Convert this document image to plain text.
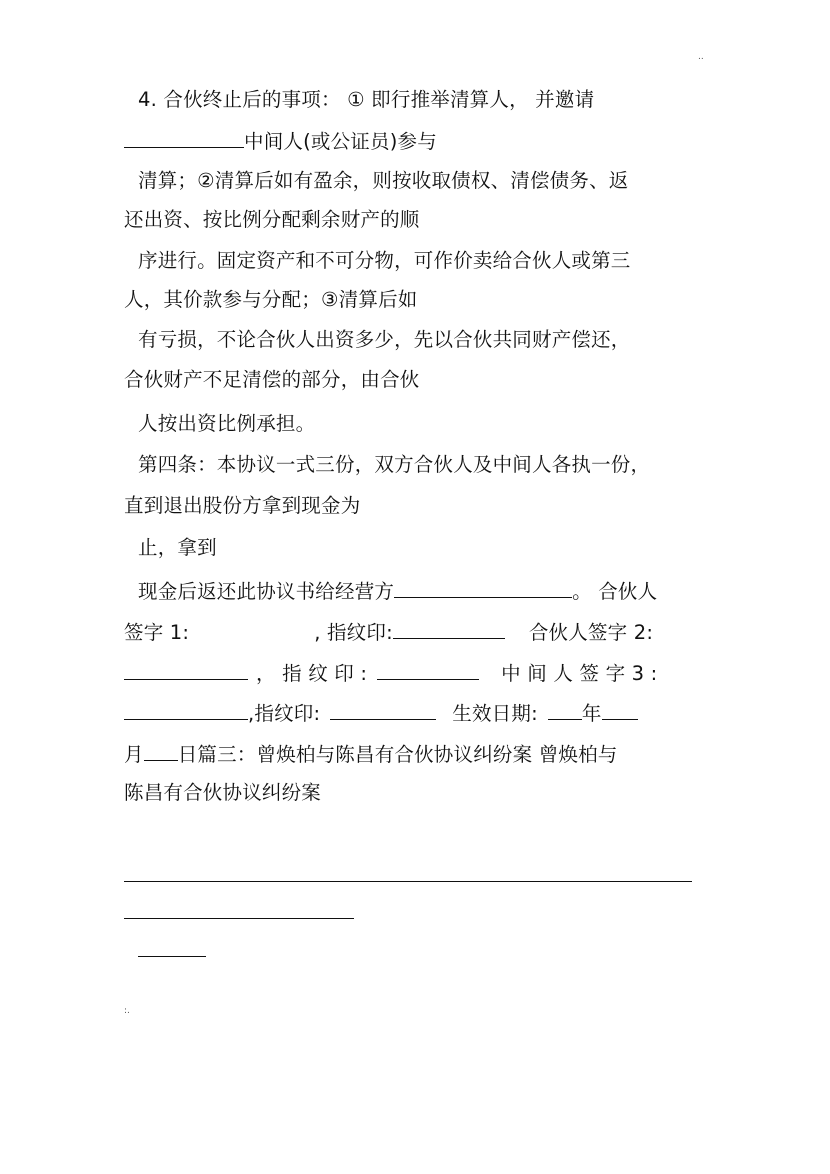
..
4. 合伙终止后的事项： ① 即行推举清算人， 并邀请
中间人(或公证员)参与
清算；②清算后如有盈余，则按收取债权、清偿债务、返
还出资、按比例分配剩余财产的顺
序进行。固定资产和不可分物，可作价卖给合伙人或第三
人，其价款参与分配；③清算后如
有亏损，不论合伙人出资多少，先以合伙共同财产偿还，
合伙财产不足清偿的部分，由合伙
人按出资比例承担。
第四条：本协议一式三份，双方合伙人及中间人各执一份，
直到退出股份方拿到现金为
止，拿到
现金后返还此协议书给经营方	。 合伙人
签字 1:	, 指纹印:	合伙人签字 2:
， 指 纹 印 :	中 间 人 签 字 3 :
,指纹印:	生效日期: 年
月 日篇三：曾焕柏与陈昌有合伙协议纠纷案 曾焕柏与
陈昌有合伙协议纠纷案
:.
